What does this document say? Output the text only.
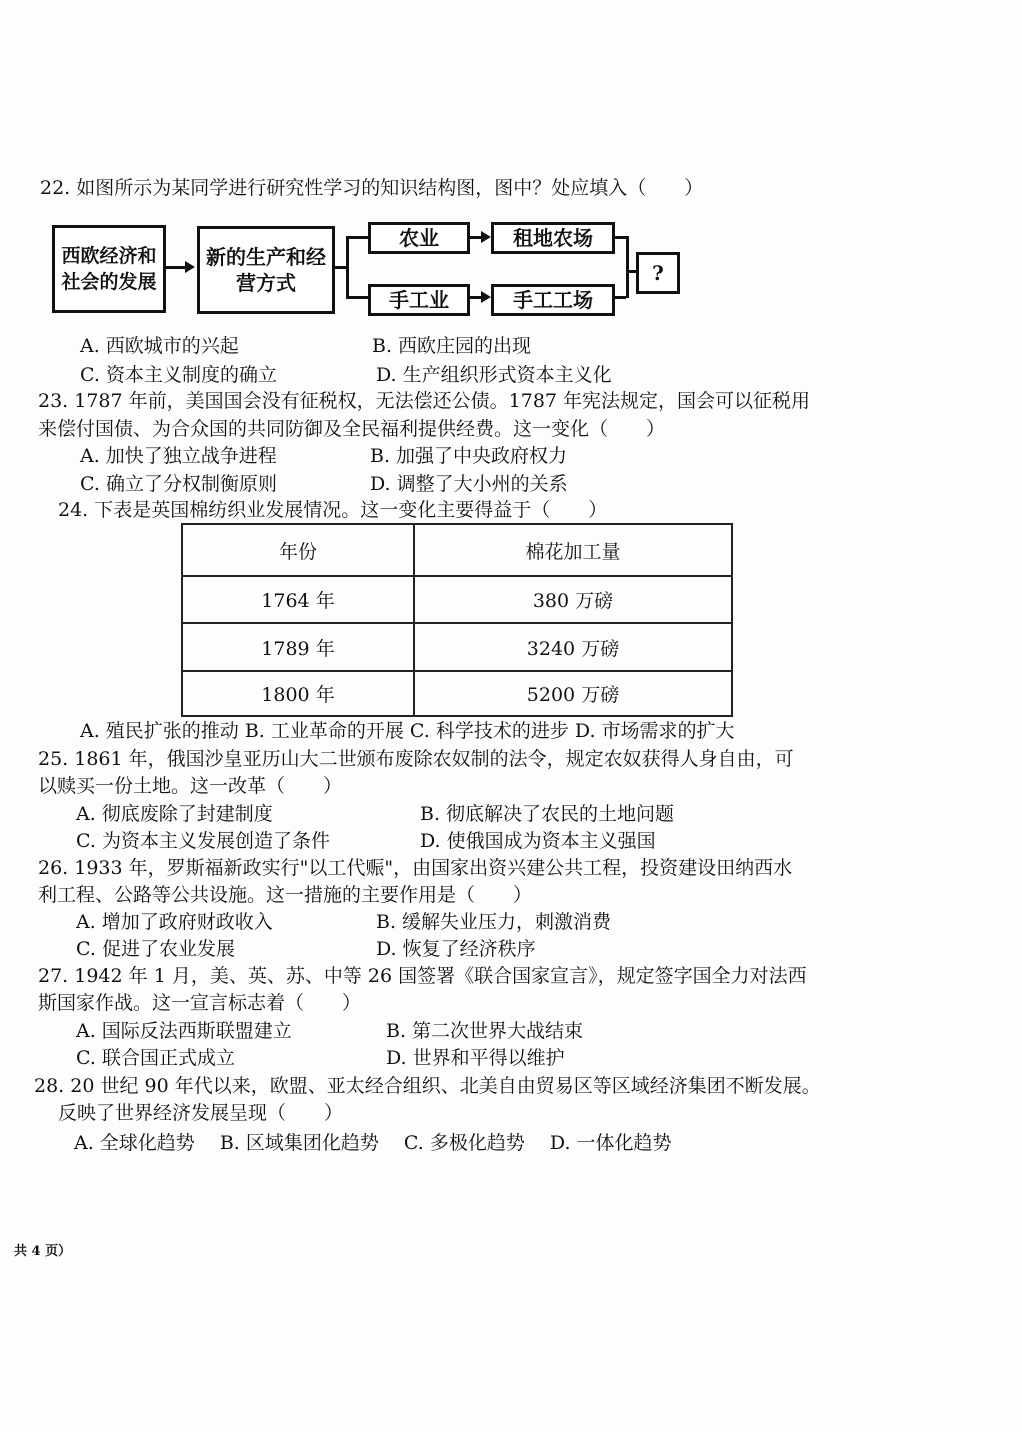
22. 如图所示为某同学进行研究性学习的知识结构图，图中？处应填入（　　）
西欧经济和社会的发展
新的生产和经营方式
农业	租地农场
手工业	手工工场
?
A. 西欧城市的兴起	B. 西欧庄园的出现
C. 资本主义制度的确立	D. 生产组织形式资本主义化
23. 1787 年前，美国国会没有征税权，无法偿还公债。1787 年宪法规定，国会可以征税用
来偿付国债、为合众国的共同防御及全民福利提供经费。这一变化（　　）
A. 加快了独立战争进程	B. 加强了中央政府权力
C. 确立了分权制衡原则	D. 调整了大小州的关系
24. 下表是英国棉纺织业发展情况。这一变化主要得益于（　　）
年份	棉花加工量
1764 年	380 万磅
1789 年	3240 万磅
1800 年	5200 万磅
A. 殖民扩张的推动 B. 工业革命的开展 C. 科学技术的进步 D. 市场需求的扩大
25. 1861 年，俄国沙皇亚历山大二世颁布废除农奴制的法令，规定农奴获得人身自由，可
以赎买一份土地。这一改革（　　）
A. 彻底废除了封建制度	B. 彻底解决了农民的土地问题
C. 为资本主义发展创造了条件	D. 使俄国成为资本主义强国
26. 1933 年，罗斯福新政实行"以工代赈"，由国家出资兴建公共工程，投资建设田纳西水
利工程、公路等公共设施。这一措施的主要作用是（　　）
A. 增加了政府财政收入	B. 缓解失业压力，刺激消费
C. 促进了农业发展	D. 恢复了经济秩序
27. 1942 年 1 月，美、英、苏、中等 26 国签署《联合国家宣言》，规定签字国全力对法西
斯国家作战。这一宣言标志着（　　）
A. 国际反法西斯联盟建立	B. 第二次世界大战结束
C. 联合国正式成立	D. 世界和平得以维护
28. 20 世纪 90 年代以来，欧盟、亚太经合组织、北美自由贸易区等区域经济集团不断发展。
反映了世界经济发展呈现（　　）
A. 全球化趋势　 B. 区域集团化趋势　 C. 多极化趋势　 D. 一体化趋势
共 4 页）
